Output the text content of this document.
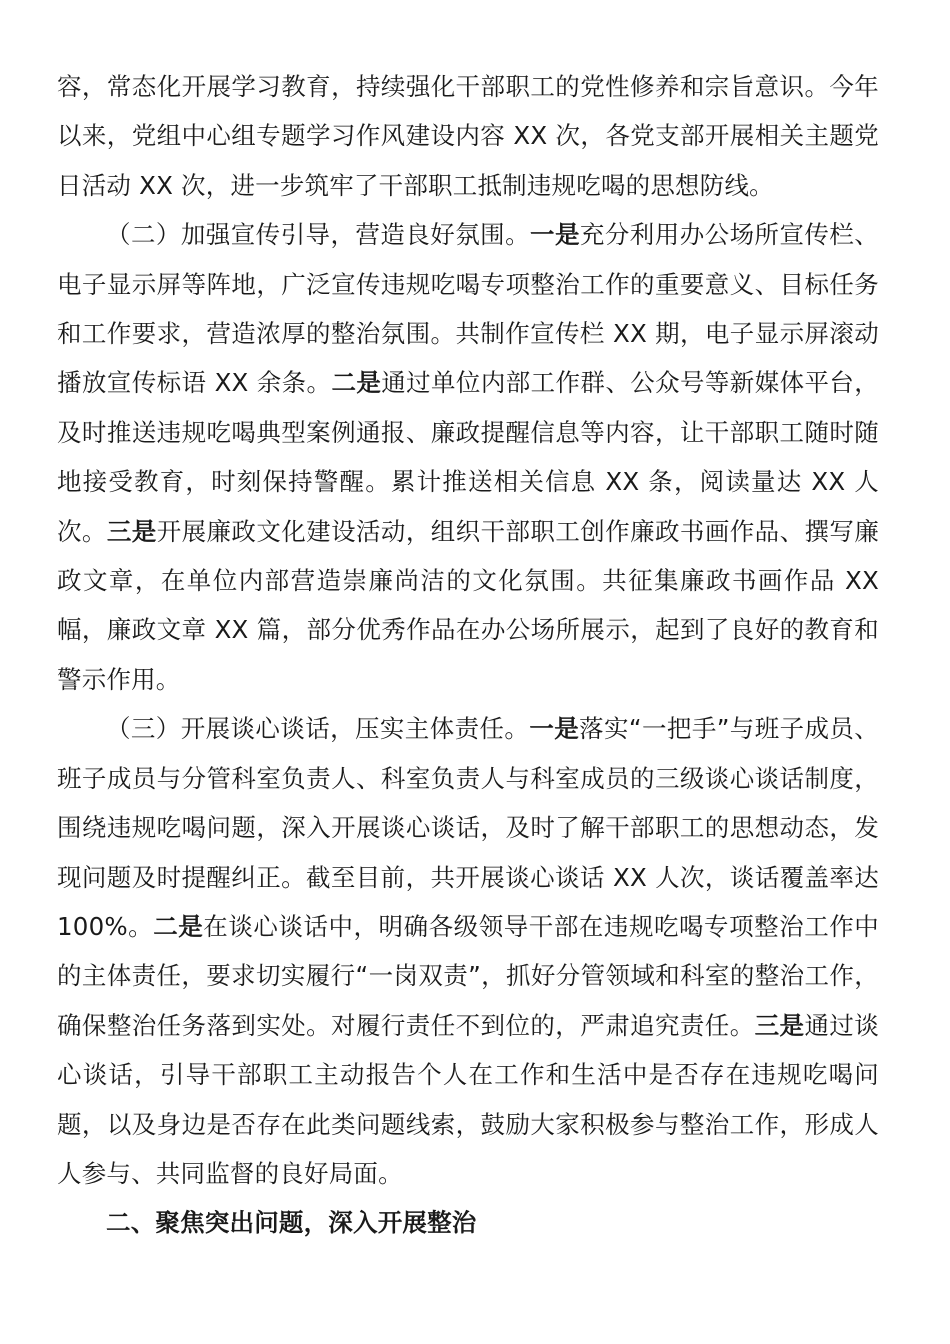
容，常态化开展学习教育，持续强化干部职工的党性修养和宗旨意识。今年以来，党组中心组专题学习作风建设内容 XX 次，各党支部开展相关主题党日活动 XX 次，进一步筑牢了干部职工抵制违规吃喝的思想防线。

（二）加强宣传引导，营造良好氛围。一是充分利用办公场所宣传栏、电子显示屏等阵地，广泛宣传违规吃喝专项整治工作的重要意义、目标任务和工作要求，营造浓厚的整治氛围。共制作宣传栏 XX 期，电子显示屏滚动播放宣传标语 XX 余条。二是通过单位内部工作群、公众号等新媒体平台，及时推送违规吃喝典型案例通报、廉政提醒信息等内容，让干部职工随时随地接受教育，时刻保持警醒。累计推送相关信息 XX 条，阅读量达 XX 人次。三是开展廉政文化建设活动，组织干部职工创作廉政书画作品、撰写廉政文章，在单位内部营造崇廉尚洁的文化氛围。共征集廉政书画作品 XX 幅，廉政文章 XX 篇，部分优秀作品在办公场所展示，起到了良好的教育和警示作用。

（三）开展谈心谈话，压实主体责任。一是落实“一把手”与班子成员、班子成员与分管科室负责人、科室负责人与科室成员的三级谈心谈话制度，围绕违规吃喝问题，深入开展谈心谈话，及时了解干部职工的思想动态，发现问题及时提醒纠正。截至目前，共开展谈心谈话 XX 人次，谈话覆盖率达 100%。二是在谈心谈话中，明确各级领导干部在违规吃喝专项整治工作中的主体责任，要求切实履行“一岗双责”，抓好分管领域和科室的整治工作，确保整治任务落到实处。对履行责任不到位的，严肃追究责任。三是通过谈心谈话，引导干部职工主动报告个人在工作和生活中是否存在违规吃喝问题，以及身边是否存在此类问题线索，鼓励大家积极参与整治工作，形成人人参与、共同监督的良好局面。

二、聚焦突出问题，深入开展整治
